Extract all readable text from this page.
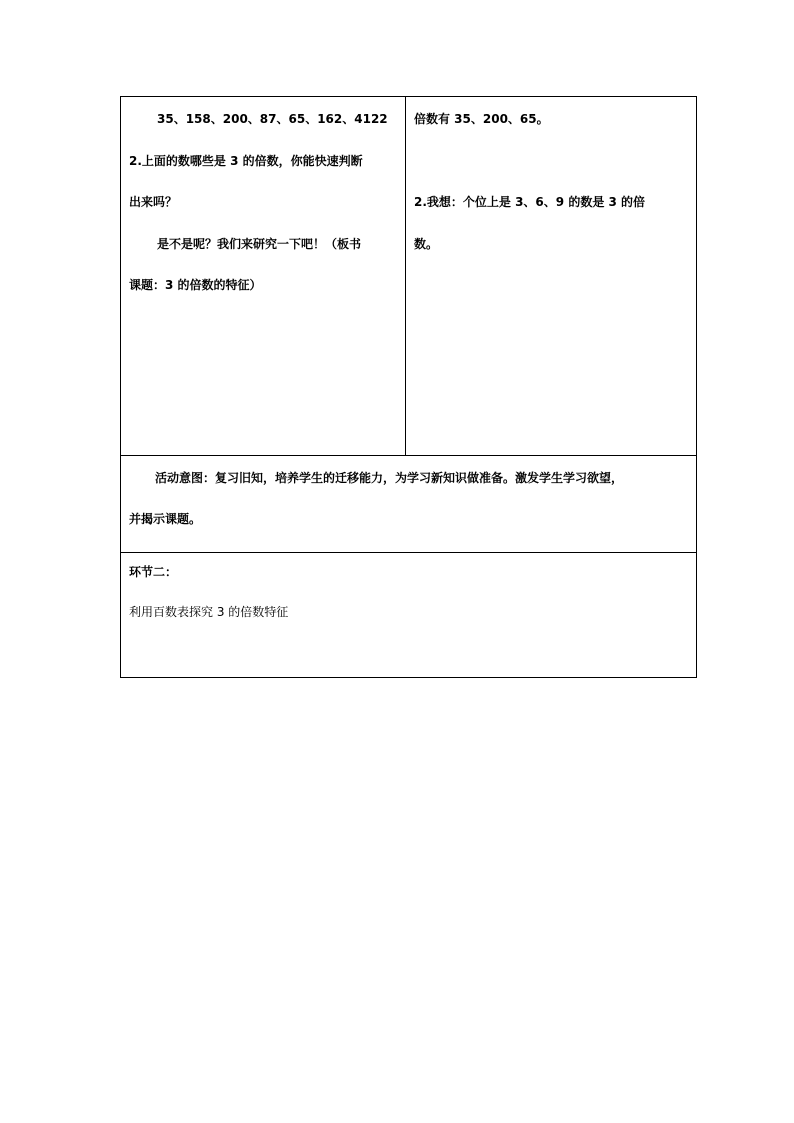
35、158、200、87、65、162、4122
2.上面的数哪些是 3 的倍数，你能快速判断
出来吗？
是不是呢？我们来研究一下吧！（板书
课题：3 的倍数的特征）
倍数有 35、200、65。
2.我想：个位上是 3、6、9 的数是 3 的倍
数。
活动意图：复习旧知，培养学生的迁移能力，为学习新知识做准备。激发学生学习欲望，
并揭示课题。
环节二：
利用百数表探究 3 的倍数特征
